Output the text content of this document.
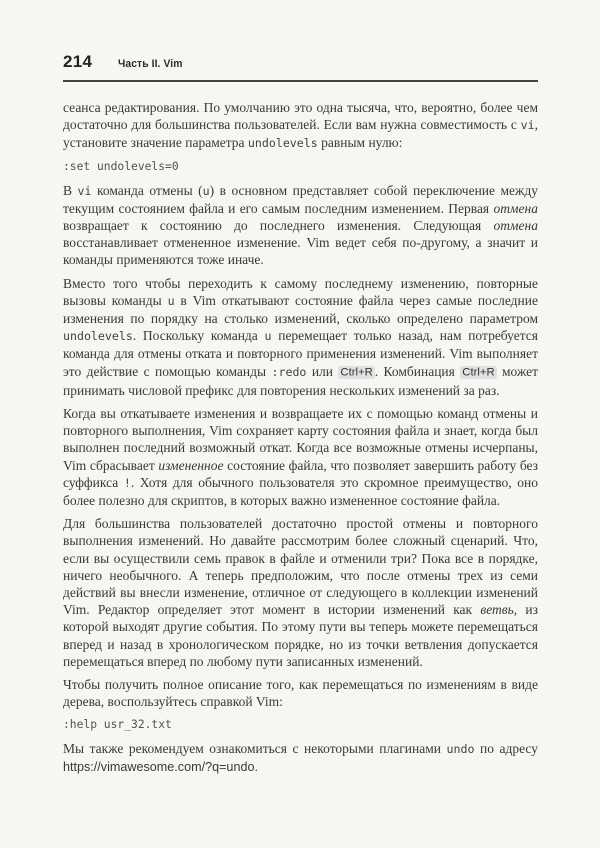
214 Часть II. Vim

сеанса редактирования. По умолчанию это одна тысяча, что, вероятно, более чем достаточно для большинства пользователей. Если вам нужна совместимость с vi, установите значение параметра undolevels равным нулю:

:set undolevels=0

В vi команда отмены (u) в основном представляет собой переключение между текущим состоянием файла и его самым последним изменением. Первая отмена возвращает к состоянию до последнего изменения. Следующая отмена восстанавливает отмененное изменение. Vim ведет себя по-другому, а значит и команды применяются тоже иначе.

Вместо того чтобы переходить к самому последнему изменению, повторные вызовы команды u в Vim откатывают состояние файла через самые последние изменения по порядку на столько изменений, сколько определено параметром undolevels. Поскольку команда u перемещает только назад, нам потребуется команда для отмены отката и повторного применения изменений. Vim выполняет это действие с помощью команды :redo или Ctrl+R . Комбинация Ctrl+R может принимать числовой префикс для повторения нескольких изменений за раз.

Когда вы откатываете изменения и возвращаете их с помощью команд отмены и повторного выполнения, Vim сохраняет карту состояния файла и знает, когда был выполнен последний возможный откат. Когда все возможные отмены исчерпаны, Vim сбрасывает измененное состояние файла, что позволяет завершить работу без суффикса !. Хотя для обычного пользователя это скромное преимущество, оно более полезно для скриптов, в которых важно измененное состояние файла.

Для большинства пользователей достаточно простой отмены и повторного выполнения изменений. Но давайте рассмотрим более сложный сценарий. Что, если вы осуществили семь правок в файле и отменили три? Пока все в порядке, ничего необычного. А теперь предположим, что после отмены трех из семи действий вы внесли изменение, отличное от следующего в коллекции изменений Vim. Редактор определяет этот момент в истории изменений как ветвь, из которой выходят другие события. По этому пути вы теперь можете перемещаться вперед и назад в хронологическом порядке, но из точки ветвления допускается перемещаться вперед по любому пути записанных изменений.

Чтобы получить полное описание того, как перемещаться по изменениям в виде дерева, воспользуйтесь справкой Vim:

:help usr_32.txt

Мы также рекомендуем ознакомиться с некоторыми плагинами undo по адресу https://vimawesome.com/?q=undo.
